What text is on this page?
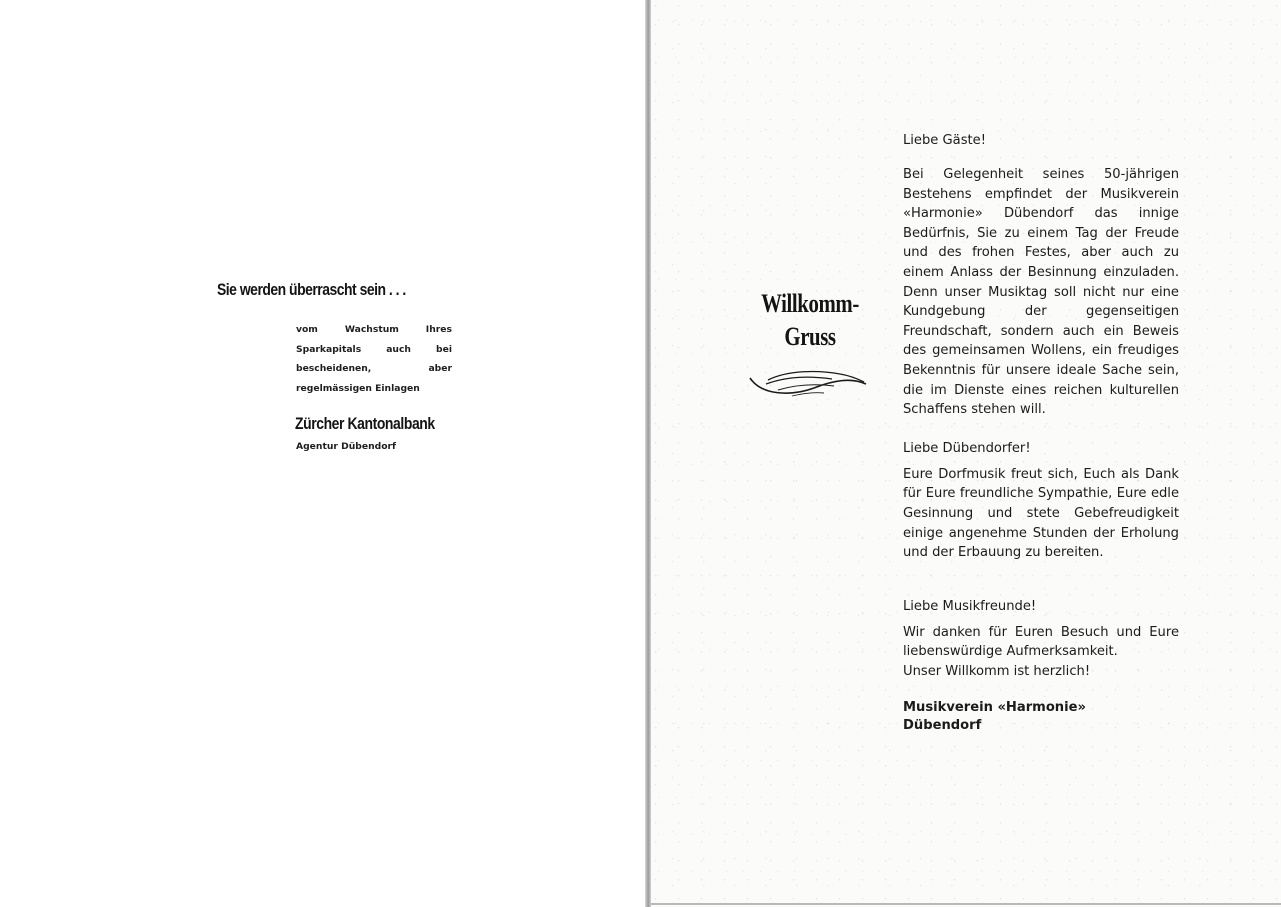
Sie werden überrascht sein . . .

vom Wachstum Ihres Sparkapitals auch bei bescheidenen, aber regelmässigen Einlagen

Zürcher Kantonalbank

Agentur Dübendorf

Willkomm-
Gruss

Liebe Gäste!

Bei Gelegenheit seines 50-jährigen Bestehens empfindet der Musikverein «Harmonie» Dübendorf das innige Bedürfnis, Sie zu einem Tag der Freude und des frohen Festes, aber auch zu einem Anlass der Besinnung einzuladen. Denn unser Musiktag soll nicht nur eine Kundgebung der gegenseitigen Freundschaft, sondern auch ein Beweis des gemeinsamen Wollens, ein freudiges Bekenntnis für unsere ideale Sache sein, die im Dienste eines reichen kulturellen Schaffens stehen will.

Liebe Dübendorfer!

Eure Dorfmusik freut sich, Euch als Dank für Eure freundliche Sympathie, Eure edle Gesinnung und stete Gebefreudigkeit einige angenehme Stunden der Erholung und der Erbauung zu bereiten.

Liebe Musikfreunde!

Wir danken für Euren Besuch und Eure liebenswürdige Aufmerksamkeit.

Unser Willkomm ist herzlich!

Musikverein «Harmonie»

Dübendorf
